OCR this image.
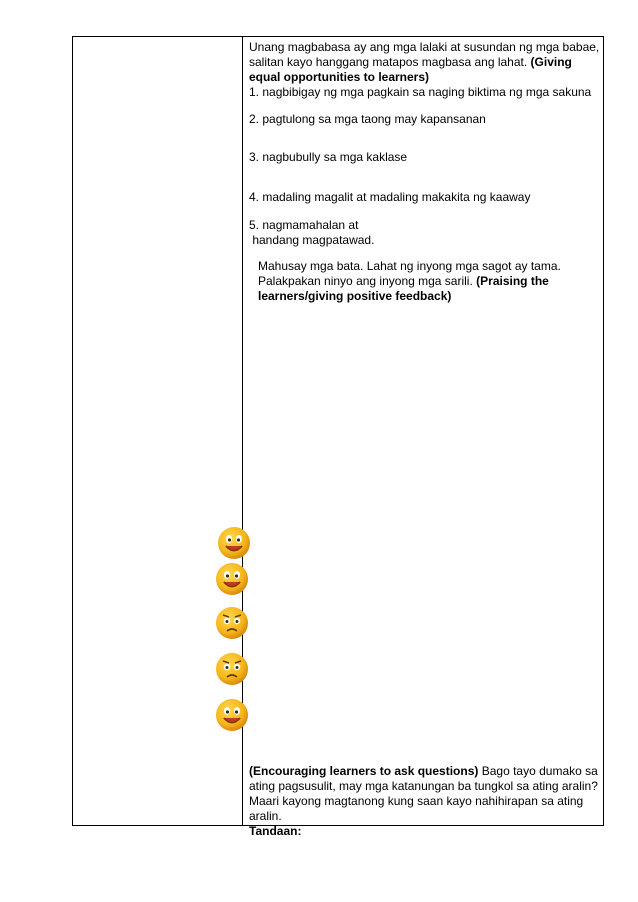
Unang magbabasa ay ang mga lalaki at susundan ng mga babae, salitan kayo hanggang matapos magbasa ang lahat. (Giving equal opportunities to learners)

1. nagbibigay ng mga pagkain sa naging biktima ng mga sakuna

2. pagtulong sa mga taong may kapansanan

3. nagbubully sa mga kaklase

4. madaling magalit at madaling makakita ng kaaway

5. nagmamahalan at

handang magpatawad.

Mahusay mga bata. Lahat ng inyong mga sagot ay tama. Palakpakan ninyo ang inyong mga sarili. (Praising the learners/giving positive feedback)

(Encouraging learners to ask questions) Bago tayo dumako sa ating pagsusulit, may mga katanungan ba tungkol sa ating aralin? Maari kayong magtanong kung saan kayo nahihirapan sa ating aralin.
Tandaan:
